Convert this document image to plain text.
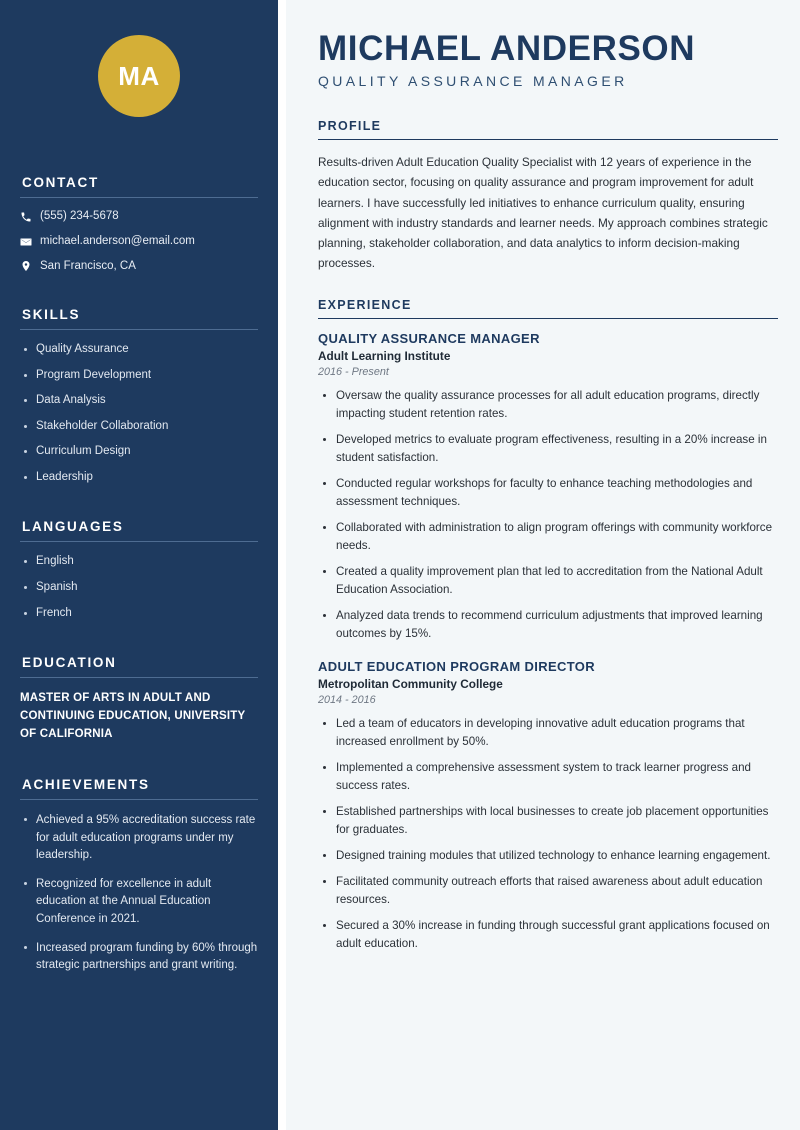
MA
CONTACT
(555) 234-5678
michael.anderson@email.com
San Francisco, CA
SKILLS
Quality Assurance
Program Development
Data Analysis
Stakeholder Collaboration
Curriculum Design
Leadership
LANGUAGES
English
Spanish
French
EDUCATION
MASTER OF ARTS IN ADULT AND CONTINUING EDUCATION, UNIVERSITY OF CALIFORNIA
ACHIEVEMENTS
Achieved a 95% accreditation success rate for adult education programs under my leadership.
Recognized for excellence in adult education at the Annual Education Conference in 2021.
Increased program funding by 60% through strategic partnerships and grant writing.
MICHAEL ANDERSON
QUALITY ASSURANCE MANAGER
PROFILE

Results-driven Adult Education Quality Specialist with 12 years of experience in the education sector, focusing on quality assurance and program improvement for adult learners. I have successfully led initiatives to enhance curriculum quality, ensuring alignment with industry standards and learner needs. My approach combines strategic planning, stakeholder collaboration, and data analytics to inform decision-making processes.

EXPERIENCE
QUALITY ASSURANCE MANAGER
Adult Learning Institute
2016 - Present
Oversaw the quality assurance processes for all adult education programs, directly impacting student retention rates.
Developed metrics to evaluate program effectiveness, resulting in a 20% increase in student satisfaction.
Conducted regular workshops for faculty to enhance teaching methodologies and assessment techniques.
Collaborated with administration to align program offerings with community workforce needs.
Created a quality improvement plan that led to accreditation from the National Adult Education Association.
Analyzed data trends to recommend curriculum adjustments that improved learning outcomes by 15%.
ADULT EDUCATION PROGRAM DIRECTOR
Metropolitan Community College
2014 - 2016
Led a team of educators in developing innovative adult education programs that increased enrollment by 50%.
Implemented a comprehensive assessment system to track learner progress and success rates.
Established partnerships with local businesses to create job placement opportunities for graduates.
Designed training modules that utilized technology to enhance learning engagement.
Facilitated community outreach efforts that raised awareness about adult education resources.
Secured a 30% increase in funding through successful grant applications focused on adult education.
